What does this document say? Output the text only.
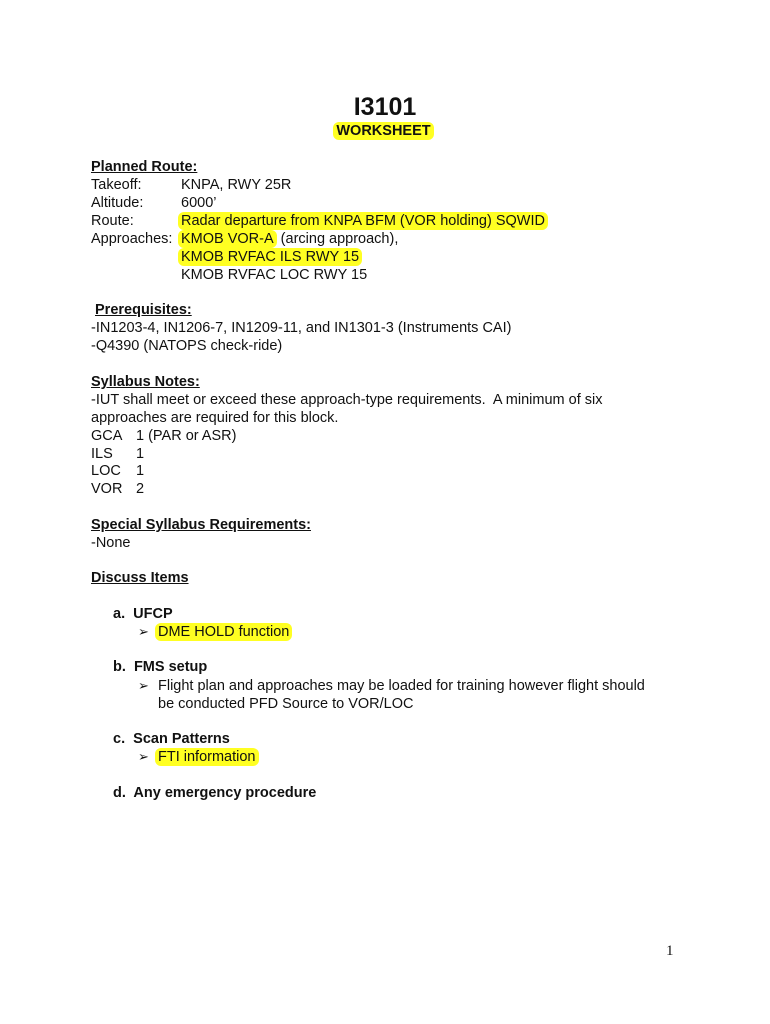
I3101
WORKSHEET
Planned Route:
Takeoff:	KNPA, RWY 25R
Altitude:	6000’
Route:	Radar departure from KNPA BFM (VOR holding) SQWID
Approaches: KMOB VOR-A (arcing approach),
KMOB RVFAC ILS RWY 15
KMOB RVFAC LOC RWY 15
Prerequisites:
-IN1203-4, IN1206-7, IN1209-11, and IN1301-3 (Instruments CAI)
-Q4390 (NATOPS check-ride)
Syllabus Notes:
-IUT shall meet or exceed these approach-type requirements.  A minimum of six
approaches are required for this block.
GCA 1 (PAR or ASR)
ILS 1
LOC 1
VOR 2
Special Syllabus Requirements:
-None
Discuss Items
a.  UFCP
➢ DME HOLD function
b.  FMS setup
➢ Flight plan and approaches may be loaded for training however flight should
be conducted PFD Source to VOR/LOC
c.  Scan Patterns
➢ FTI information
d.  Any emergency procedure
1
